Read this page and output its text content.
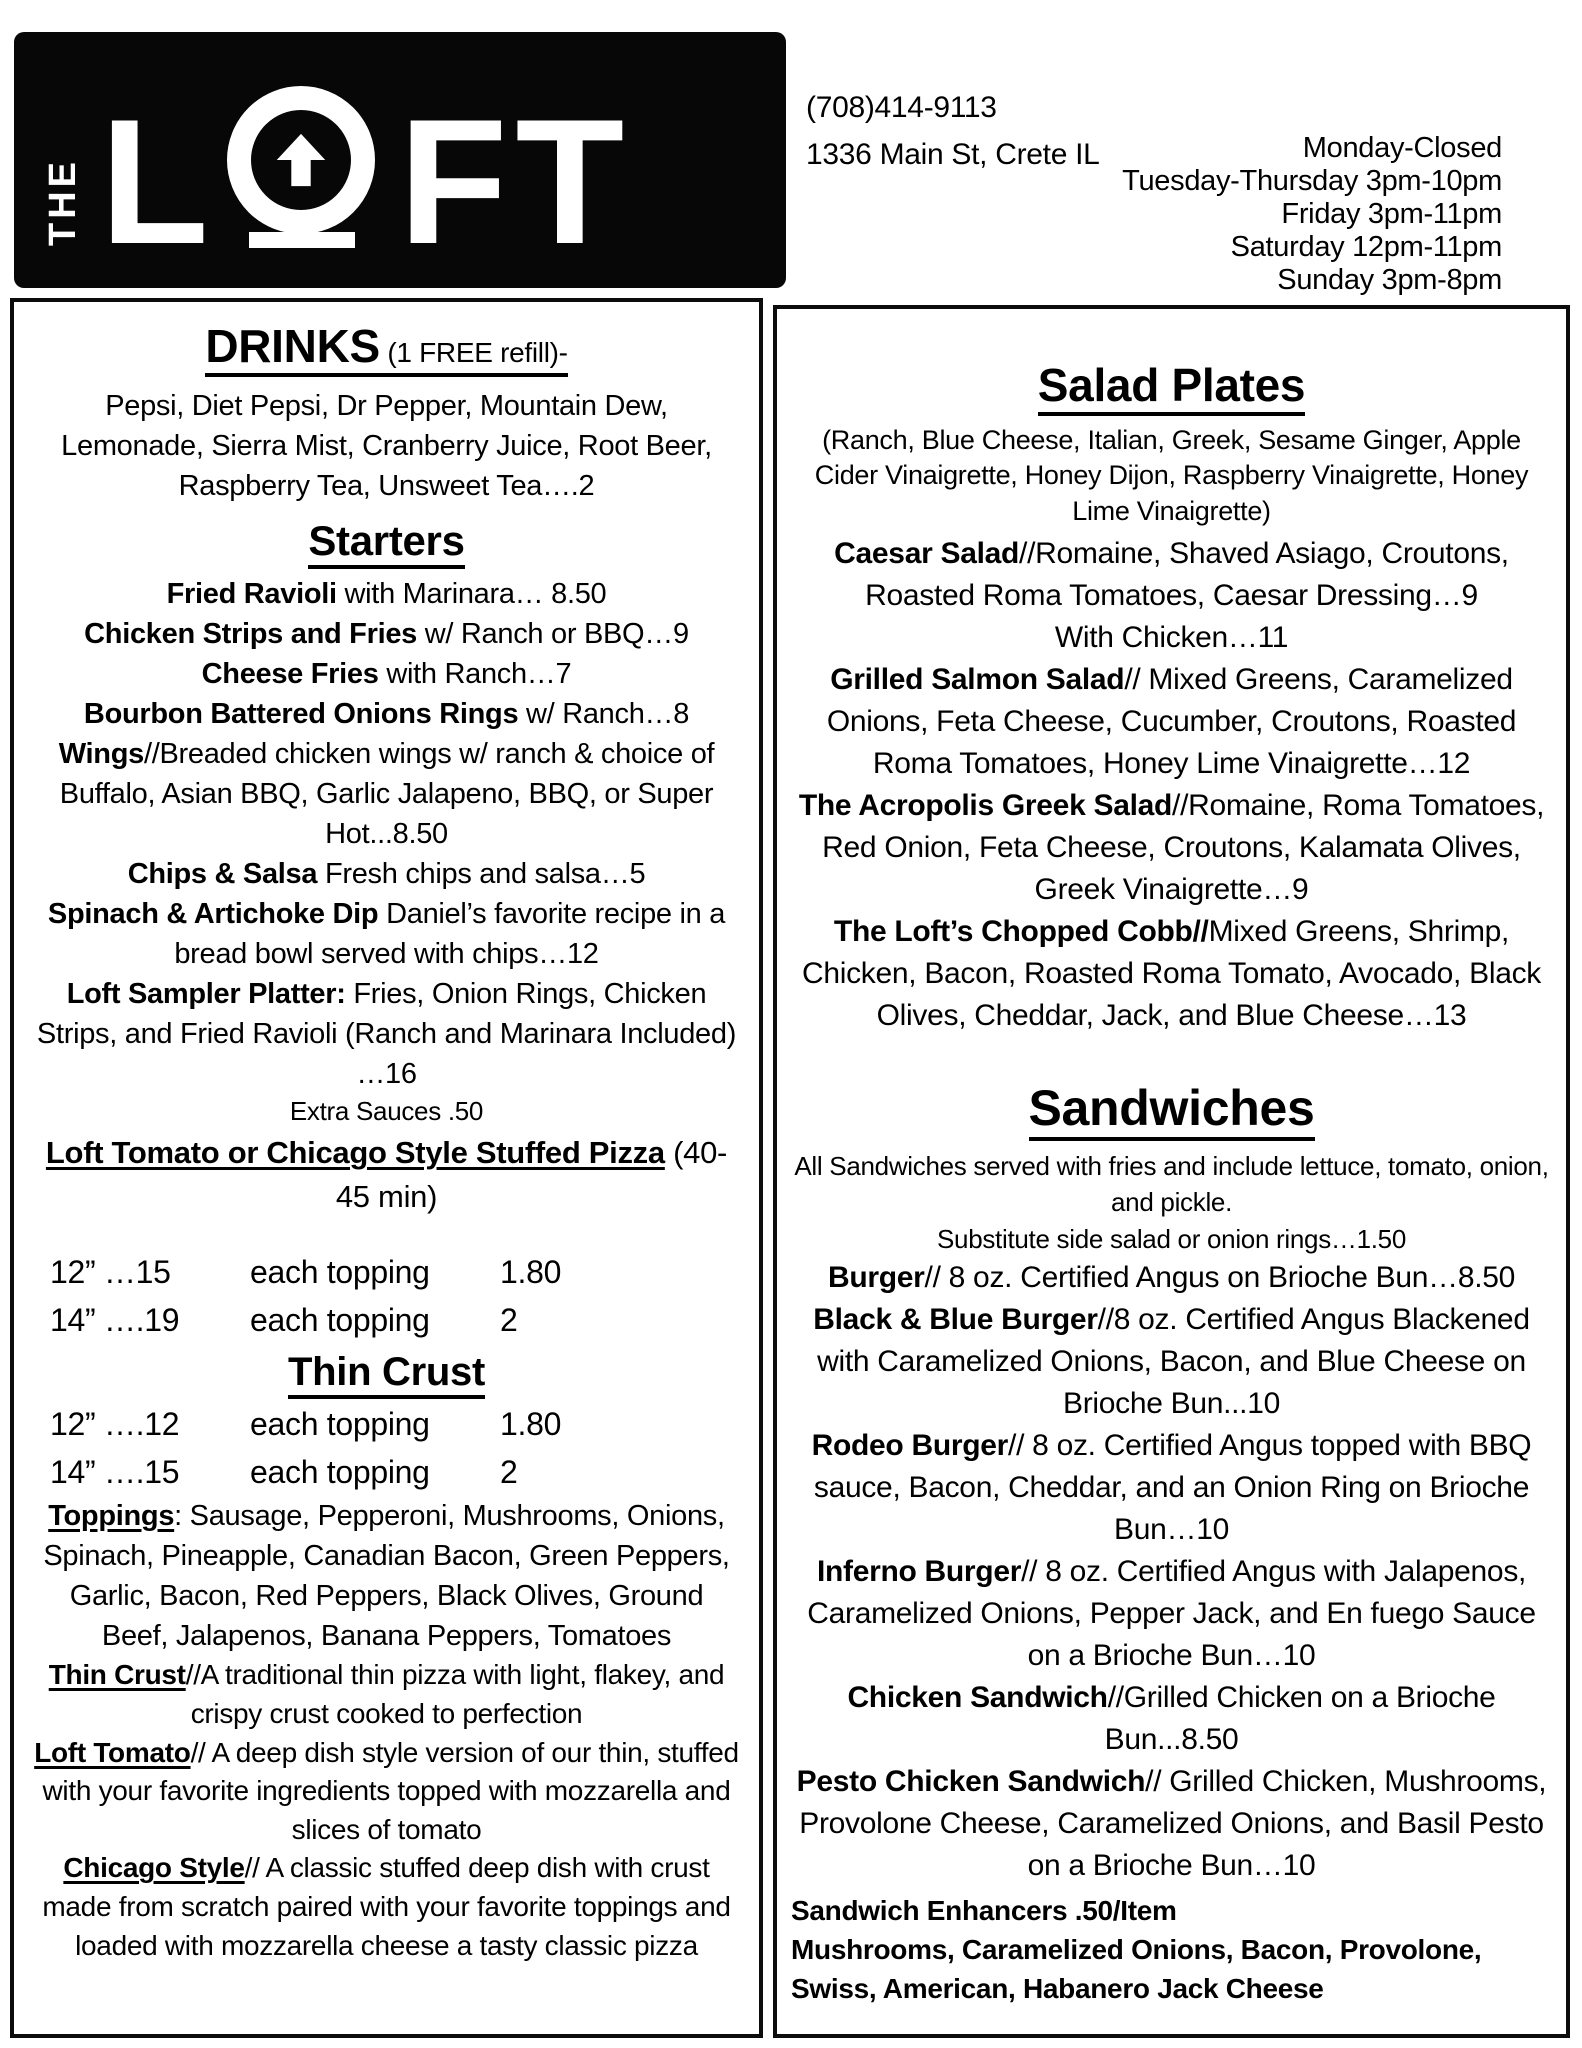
THE L F T	(708)414-9113
1336 Main St, Crete IL	Monday-Closed
Tuesday-Thursday 3pm-10pm
Friday 3pm-11pm
Saturday 12pm-11pm
Sunday 3pm-8pm
DRINKS (1 FREE refill)-

Pepsi, Diet Pepsi, Dr Pepper, Mountain Dew, Lemonade, Sierra Mist, Cranberry Juice, Root Beer, Raspberry Tea, Unsweet Tea….2

Starters

Fried Ravioli with Marinara… 8.50

Chicken Strips and Fries w/ Ranch or BBQ…9

Cheese Fries with Ranch…7

Bourbon Battered Onions Rings w/ Ranch…8

Wings//Breaded chicken wings w/ ranch & choice of Buffalo, Asian BBQ, Garlic Jalapeno, BBQ, or Super Hot...8.50

Chips & Salsa Fresh chips and salsa…5

Spinach & Artichoke Dip Daniel’s favorite recipe in a bread bowl served with chips…12

Loft Sampler Platter: Fries, Onion Rings, Chicken Strips, and Fried Ravioli (Ranch and Marinara Included) …16

Extra Sauces .50

Loft Tomato or Chicago Style Stuffed Pizza (40-45 min)

12” …15	each topping	1.80
14” ….19	each topping	2
Thin Crust
12” ….12	each topping	1.80
14” ….15	each topping	2

Toppings: Sausage, Pepperoni, Mushrooms, Onions, Spinach, Pineapple, Canadian Bacon, Green Peppers, Garlic, Bacon, Red Peppers, Black Olives, Ground Beef, Jalapenos, Banana Peppers, Tomatoes

Thin Crust//A traditional thin pizza with light, flakey, and crispy crust cooked to perfection

Loft Tomato// A deep dish style version of our thin, stuffed with your favorite ingredients topped with mozzarella and slices of tomato

Chicago Style// A classic stuffed deep dish with crust made from scratch paired with your favorite toppings and loaded with mozzarella cheese a tasty classic pizza

Salad Plates

(Ranch, Blue Cheese, Italian, Greek, Sesame Ginger, Apple Cider Vinaigrette, Honey Dijon, Raspberry Vinaigrette, Honey Lime Vinaigrette)

Caesar Salad//Romaine, Shaved Asiago, Croutons, Roasted Roma Tomatoes, Caesar Dressing…9
With Chicken…11

Grilled Salmon Salad// Mixed Greens, Caramelized Onions, Feta Cheese, Cucumber, Croutons, Roasted Roma Tomatoes, Honey Lime Vinaigrette…12

The Acropolis Greek Salad//Romaine, Roma Tomatoes, Red Onion, Feta Cheese, Croutons, Kalamata Olives, Greek Vinaigrette…9

The Loft’s Chopped Cobb//Mixed Greens, Shrimp, Chicken, Bacon, Roasted Roma Tomato, Avocado, Black Olives, Cheddar, Jack, and Blue Cheese…13

Sandwiches

All Sandwiches served with fries and include lettuce, tomato, onion, and pickle.

Substitute side salad or onion rings…1.50

Burger// 8 oz. Certified Angus on Brioche Bun…8.50

Black & Blue Burger//8 oz. Certified Angus Blackened with Caramelized Onions, Bacon, and Blue Cheese on Brioche Bun...10

Rodeo Burger// 8 oz. Certified Angus topped with BBQ sauce, Bacon, Cheddar, and an Onion Ring on Brioche Bun…10

Inferno Burger// 8 oz. Certified Angus with Jalapenos, Caramelized Onions, Pepper Jack, and En fuego Sauce on a Brioche Bun…10

Chicken Sandwich//Grilled Chicken on a Brioche Bun...8.50

Pesto Chicken Sandwich// Grilled Chicken, Mushrooms, Provolone Cheese, Caramelized Onions, and Basil Pesto on a Brioche Bun…10

Sandwich Enhancers .50/Item
Mushrooms, Caramelized Onions, Bacon, Provolone, Swiss, American, Habanero Jack Cheese
